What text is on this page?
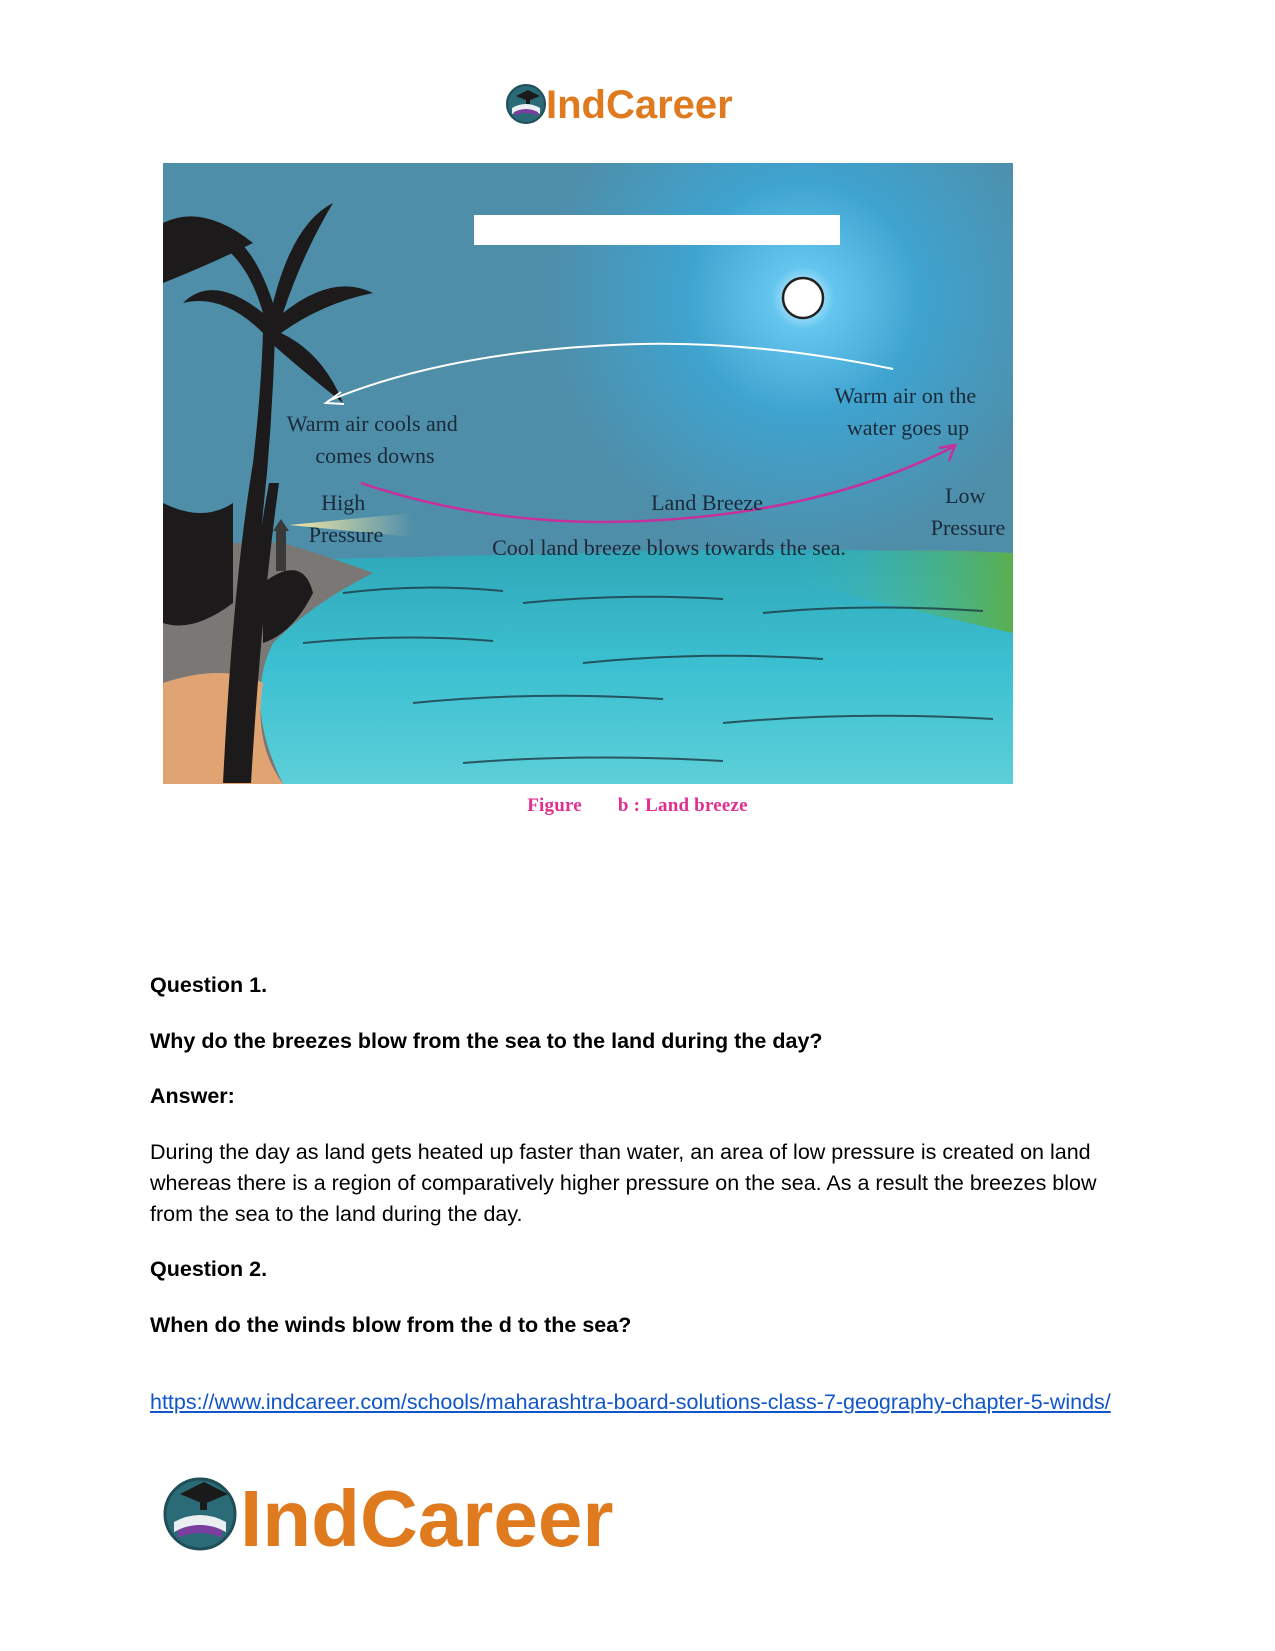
IndCareer
Warm air cools and comes downs
Warm air on the water goes up
High Pressure
Low Pressure
Land Breeze
Cool land breeze blows towards the sea.
Figure b : Land breeze

Question 1.

Why do the breezes blow from the sea to the land during the day?

Answer:

During the day as land gets heated up faster than water, an area of low pressure is created on land whereas there is a region of comparatively higher pressure on the sea. As a result the breezes blow from the sea to the land during the day.

Question 2.

When do the winds blow from the d to the sea?

https://www.indcareer.com/schools/maharashtra-board-solutions-class-7-geography-chapter-5-winds/
IndCareer
